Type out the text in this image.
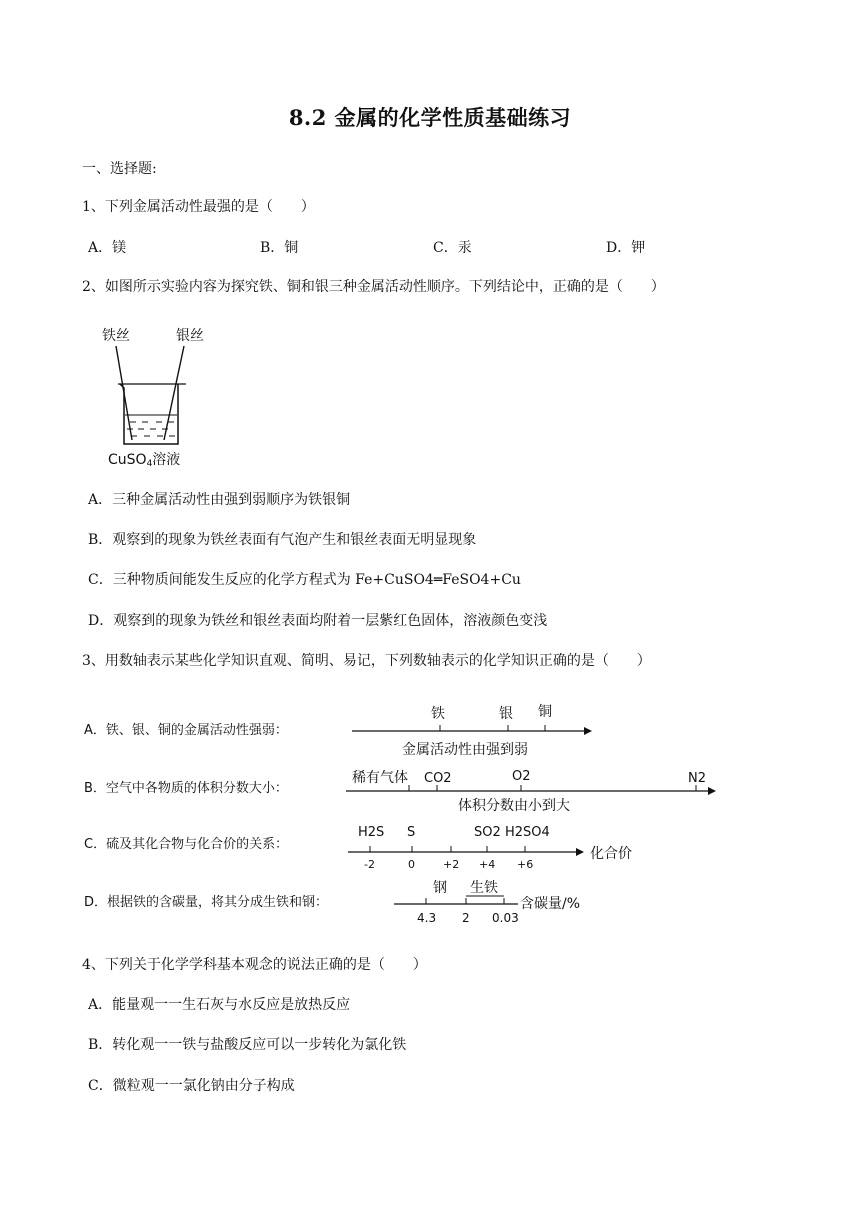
8.2 金属的化学性质基础练习
一、选择题:
1、下列金属活动性最强的是（　　）
A．镁	B．铜	C．汞	D．钾
2、如图所示实验内容为探究铁、铜和银三种金属活动性顺序。下列结论中，正确的是（　　）
铁丝	银丝
CuSO4溶液
A．三种金属活动性由强到弱顺序为铁银铜
B．观察到的现象为铁丝表面有气泡产生和银丝表面无明显现象
C．三种物质间能发生反应的化学方程式为 Fe+CuSO4═FeSO4+Cu
D．观察到的现象为铁丝和银丝表面均附着一层紫红色固体，溶液颜色变浅
3、用数轴表示某些化学知识直观、简明、易记，下列数轴表示的化学知识正确的是（　　）
A．铁、银、铜的金属活动性强弱：
铁	银 铜
金属活动性由强到弱
B．空气中各物质的体积分数大小：
稀有气体 CO2	O2	N2
体积分数由小到大
C．硫及其化合物与化合价的关系：
H2S S	SO2 H2SO4
-2	0	+2 +4 +6
化合价
D．根据铁的含碳量，将其分成生铁和钢：
钢 生铁
4.3 2 0.03
含碳量/%
4、下列关于化学学科基本观念的说法正确的是（　　）
A．能量观一一生石灰与水反应是放热反应
B．转化观一一铁与盐酸反应可以一步转化为氯化铁
C．微粒观一一氯化钠由分子构成
